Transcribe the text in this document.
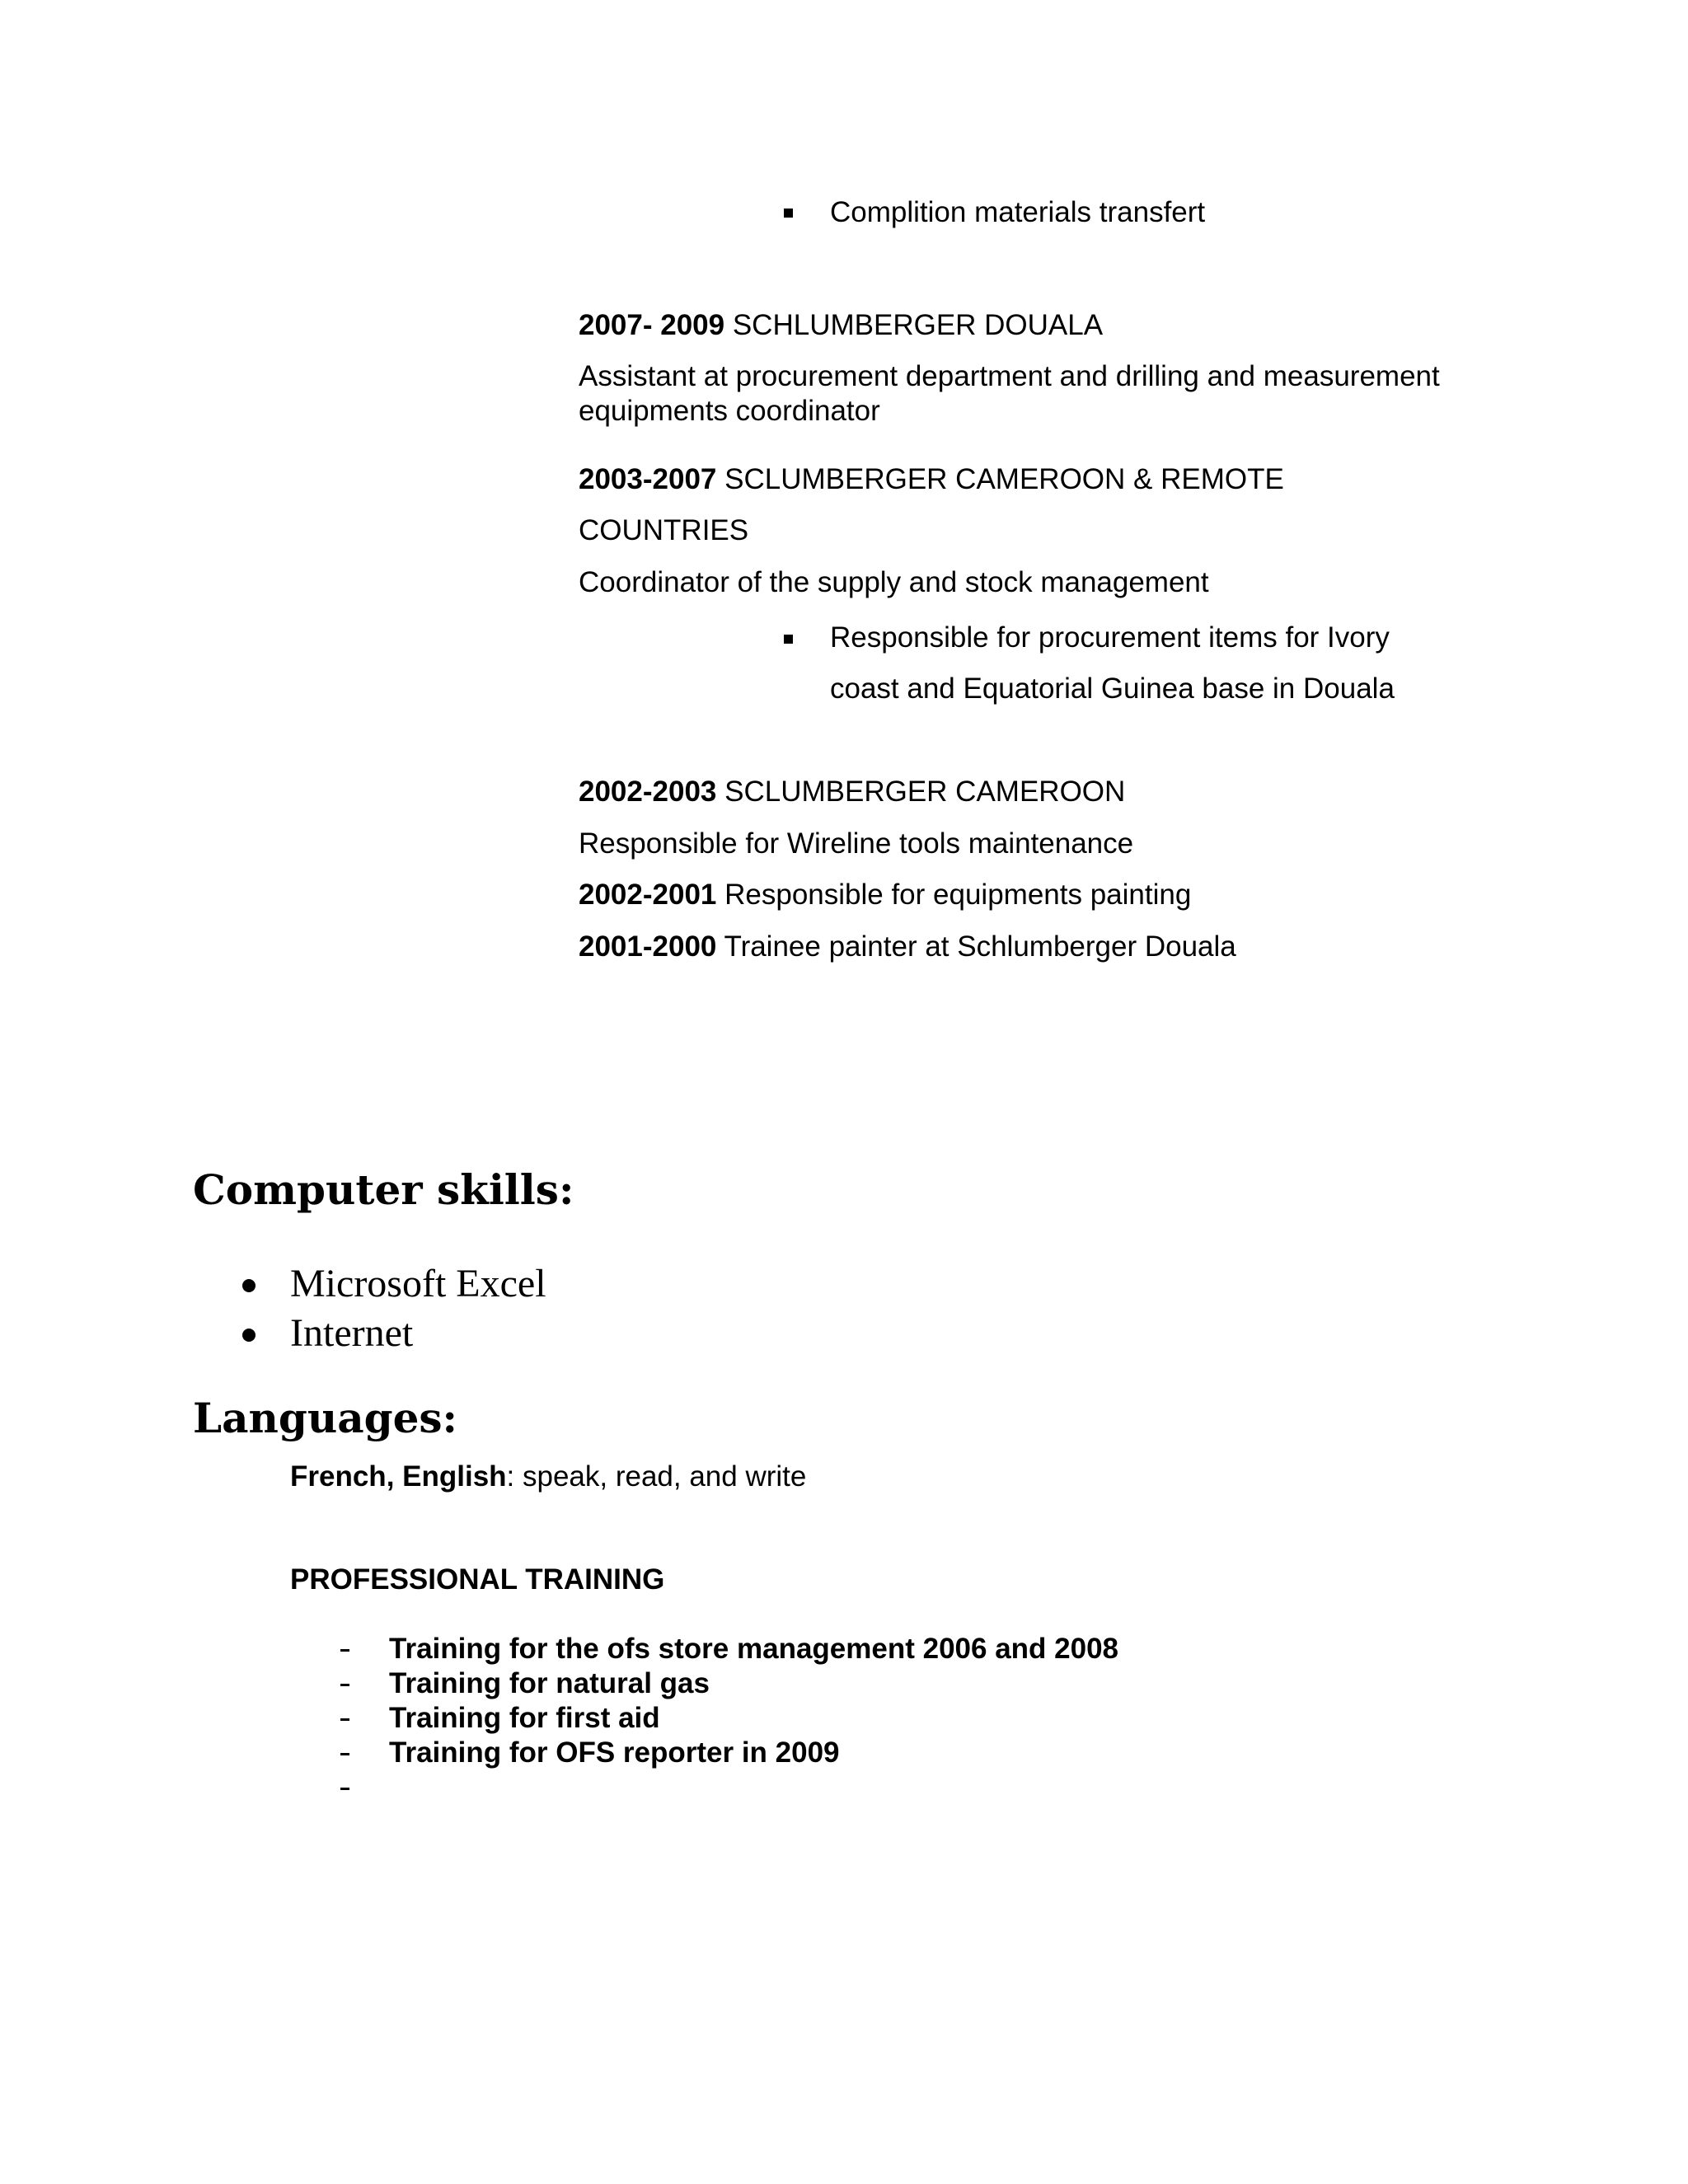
Complition materials transfert
2007- 2009 SCHLUMBERGER DOUALA
Assistant at procurement department and drilling and measurement
equipments coordinator
2003-2007 SCLUMBERGER CAMEROON & REMOTE
COUNTRIES
Coordinator of the supply and stock management
Responsible for procurement items for Ivory
coast and Equatorial Guinea base in Douala
2002-2003 SCLUMBERGER CAMEROON
Responsible for Wireline tools maintenance
2002-2001 Responsible for equipments painting
2001-2000 Trainee painter at Schlumberger Douala
Computer skills:
Microsoft Excel
Internet
Languages:
French, English: speak, read, and write
PROFESSIONAL TRAINING
Training for the ofs store management 2006 and 2008
Training for natural gas
Training for first aid
Training for OFS reporter in 2009
